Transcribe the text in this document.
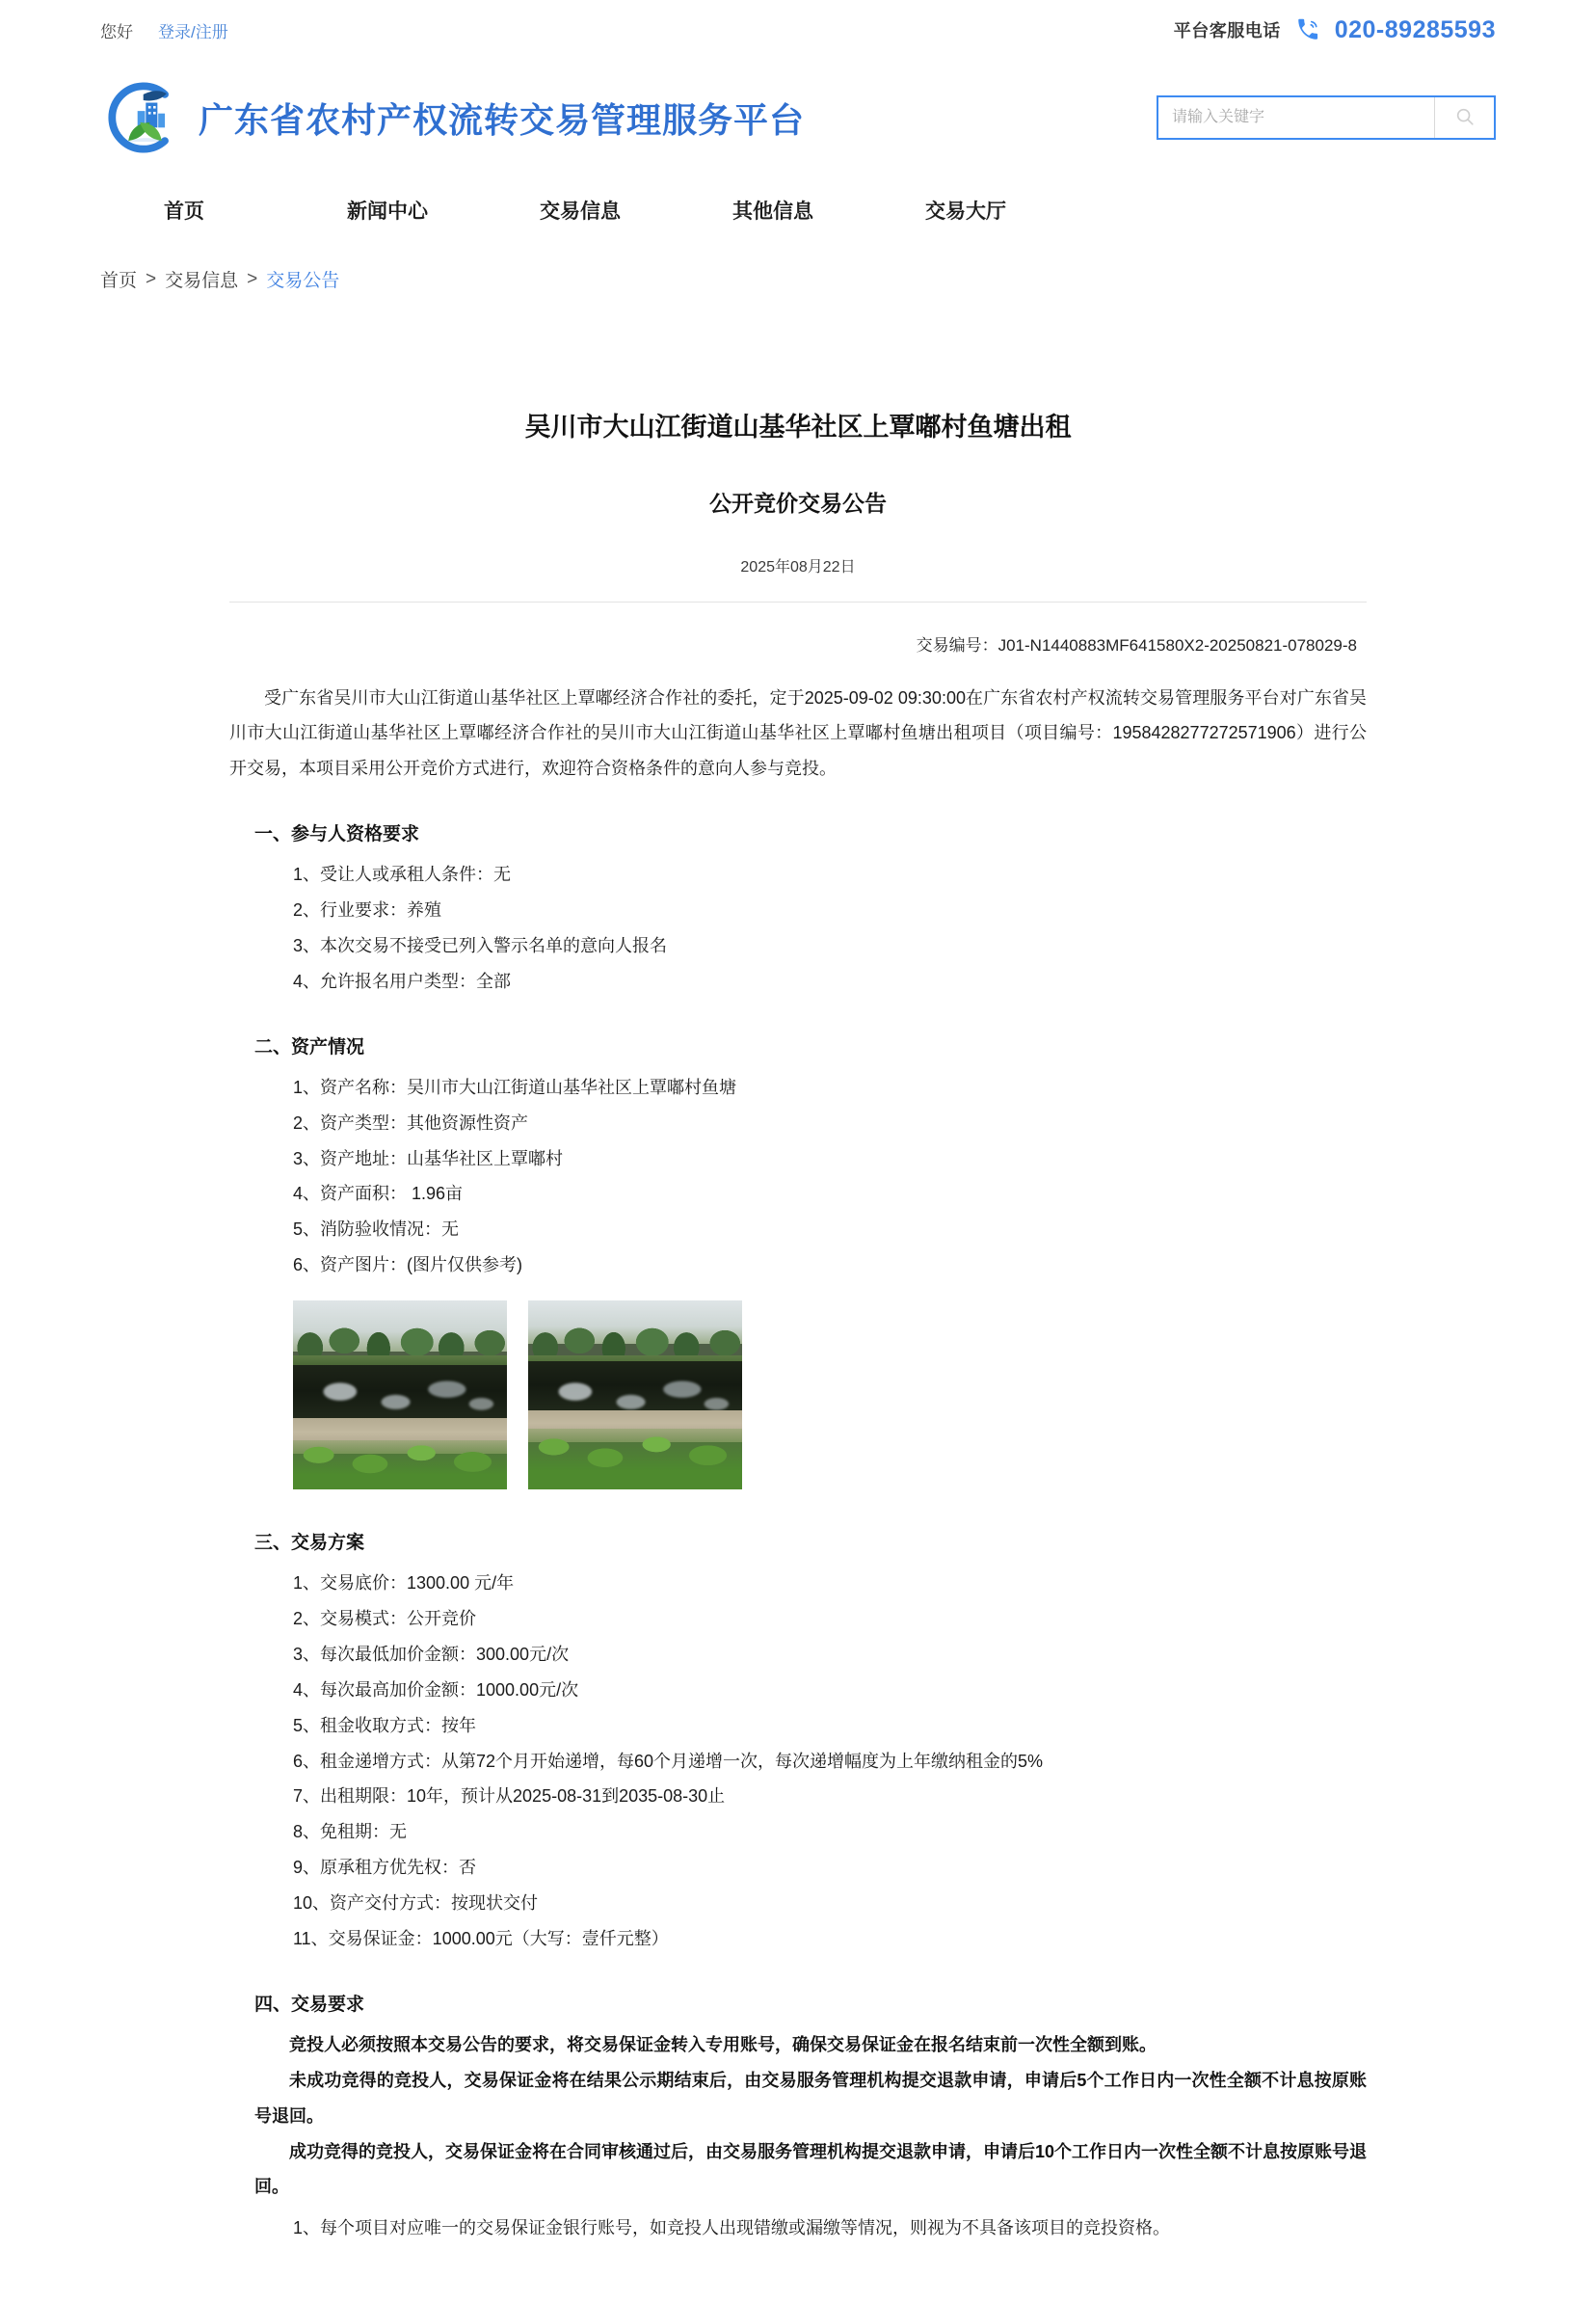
您好 登录/注册	平台客服电话 020-89285593
广东省农村产权流转交易管理服务平台
请输入关键字
首页	新闻中心	交易信息	其他信息	交易大厅
首页 > 交易信息 > 交易公告
吴川市大山江街道山基华社区上覃嘟村鱼塘出租
公开竞价交易公告
2025年08月22日
交易编号：J01-N1440883MF641580X2-20250821-078029-8

受广东省吴川市大山江街道山基华社区上覃嘟经济合作社的委托，定于2025-09-02 09:30:00在广东省农村产权流转交易管理服务平台对广东省吴川市大山江街道山基华社区上覃嘟经济合作社的吴川市大山江街道山基华社区上覃嘟村鱼塘出租项目（项目编号：1958428277272571906）进行公开交易，本项目采用公开竞价方式进行，欢迎符合资格条件的意向人参与竞投。

一、参与人资格要求
1、受让人或承租人条件：无
2、行业要求：养殖
3、本次交易不接受已列入警示名单的意向人报名
4、允许报名用户类型：全部
二、资产情况
1、资产名称：吴川市大山江街道山基华社区上覃嘟村鱼塘
2、资产类型：其他资源性资产
3、资产地址：山基华社区上覃嘟村
4、资产面积： 1.96亩
5、消防验收情况：无
6、资产图片：(图片仅供参考)
三、交易方案
1、交易底价：1300.00 元/年
2、交易模式：公开竞价
3、每次最低加价金额：300.00元/次
4、每次最高加价金额：1000.00元/次
5、租金收取方式：按年
6、租金递增方式：从第72个月开始递增，每60个月递增一次，每次递增幅度为上年缴纳租金的5%
7、出租期限：10年，预计从2025-08-31到2035-08-30止
8、免租期：无
9、原承租方优先权：否
10、资产交付方式：按现状交付
11、交易保证金：1000.00元（大写：壹仟元整）
四、交易要求

竞投人必须按照本交易公告的要求，将交易保证金转入专用账号，确保交易保证金在报名结束前一次性全额到账。

未成功竞得的竞投人，交易保证金将在结果公示期结束后，由交易服务管理机构提交退款申请，申请后5个工作日内一次性全额不计息按原账号退回。

成功竞得的竞投人，交易保证金将在合同审核通过后，由交易服务管理机构提交退款申请，申请后10个工作日内一次性全额不计息按原账号退回。

1、每个项目对应唯一的交易保证金银行账号，如竞投人出现错缴或漏缴等情况，则视为不具备该项目的竞投资格。
